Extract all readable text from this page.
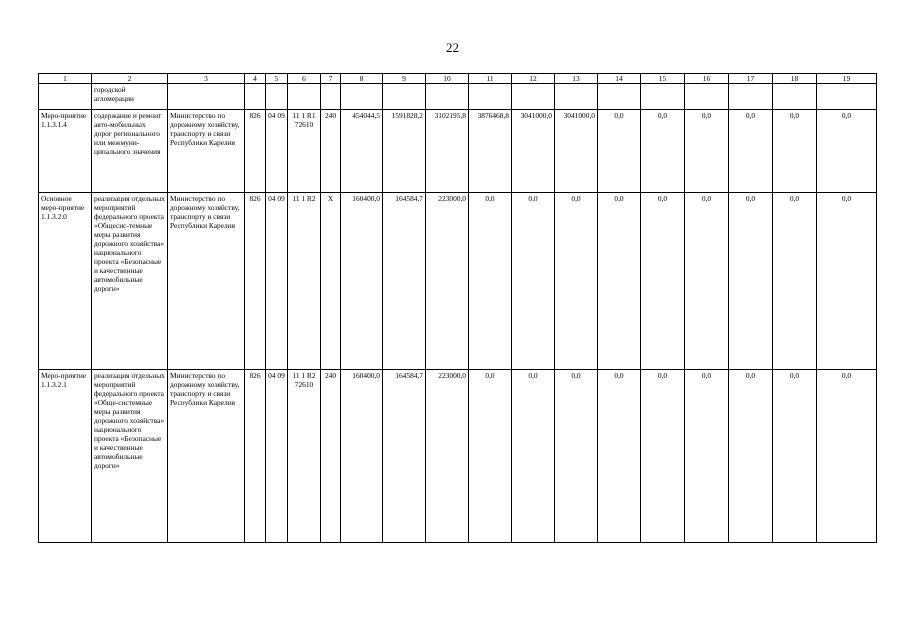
22
1	2	3	4	5	6	7	8	9	10	11	12	13	14	15	16	17	18	19
	городской агломерации																	
Меро-приятие 1.1.3.1.4	содержание и ремонт авто-мобильных дорог регионального или межмуни-ципального значения	Министерство по дорожному хозяйству, транспорту и связи Республики Карелия	826	04 09	11 1 R1 72610	240	454044,5	1591828,2	3102195,8	3876468,8	3041000,0	3041000,0	0,0	0,0	0,0	0,0	0,0	0,0
Основное меро-приятие 1.1.3.2.0	реализация отдельных мероприятий федерального проекта «Общесис-темные меры развития дорожного хозяйства» национального проекта «Безопасные и качественные автомобильные дороги»	Министерство по дорожному хозяйству, транспорту и связи Республики Карелия	826	04 09	11 1 R2	Х	160400,0	164584,7	223000,0	0,0	0,0	0,0	0,0	0,0	0,0	0,0	0,0	0,0
Меро-приятие 1.1.3.2.1	реализация отдельных мероприятий федерального проекта «Обще-системные меры развития дорожного хозяйства» национального проекта «Безопасные и качественные автомобильные дороги»	Министерство по дорожному хозяйству, транспорту и связи Республики Карелия	826	04 09	11 1 R2 72610	240	160400,0	164584,7	223000,0	0,0	0,0	0,0	0,0	0,0	0,0	0,0	0,0	0,0
